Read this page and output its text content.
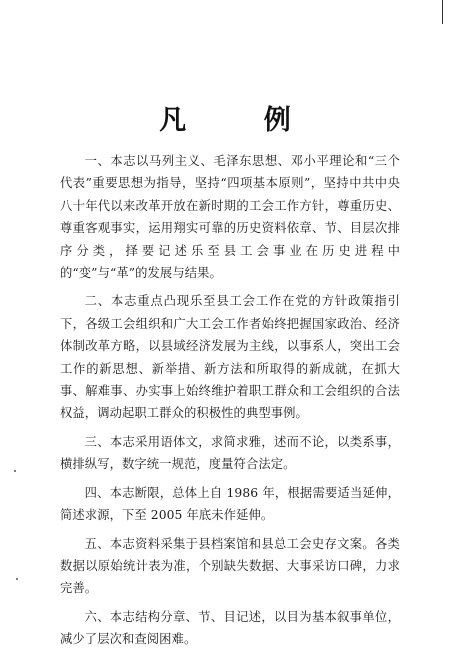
凡 例

一、本志以马列主义、毛泽东思想、邓小平理论和“三个代表”重要思想为指导，坚持“四项基本原则”，坚持中共中央八十年代以来改革开放在新时期的工会工作方针，尊重历史、尊重客观事实，运用翔实可靠的历史资料依章、节、目层次排序分类，择要记述乐至县工会事业在历史进程中的“变”与“革”的发展与结果。

二、本志重点凸现乐至县工会工作在党的方针政策指引下，各级工会组织和广大工会工作者始终把握国家政治、经济体制改革方略，以县域经济发展为主线，以事系人，突出工会工作的新思想、新举措、新方法和所取得的新成就，在抓大事、解难事、办实事上始终维护着职工群众和工会组织的合法权益，调动起职工群众的积极性的典型事例。

三、本志采用语体文，求简求雅，述而不论，以类系事，横排纵写，数字统一规范，度量符合法定。

四、本志断限，总体上自 1986 年，根据需要适当延伸，简述求源，下至 2005 年底未作延伸。

五、本志资料采集于县档案馆和县总工会史存文案。各类数据以原始统计表为准，个别缺失数据、大事采访口碑，力求完善。

六、本志结构分章、节、目记述，以目为基本叙事单位，减少了层次和查阅困难。
